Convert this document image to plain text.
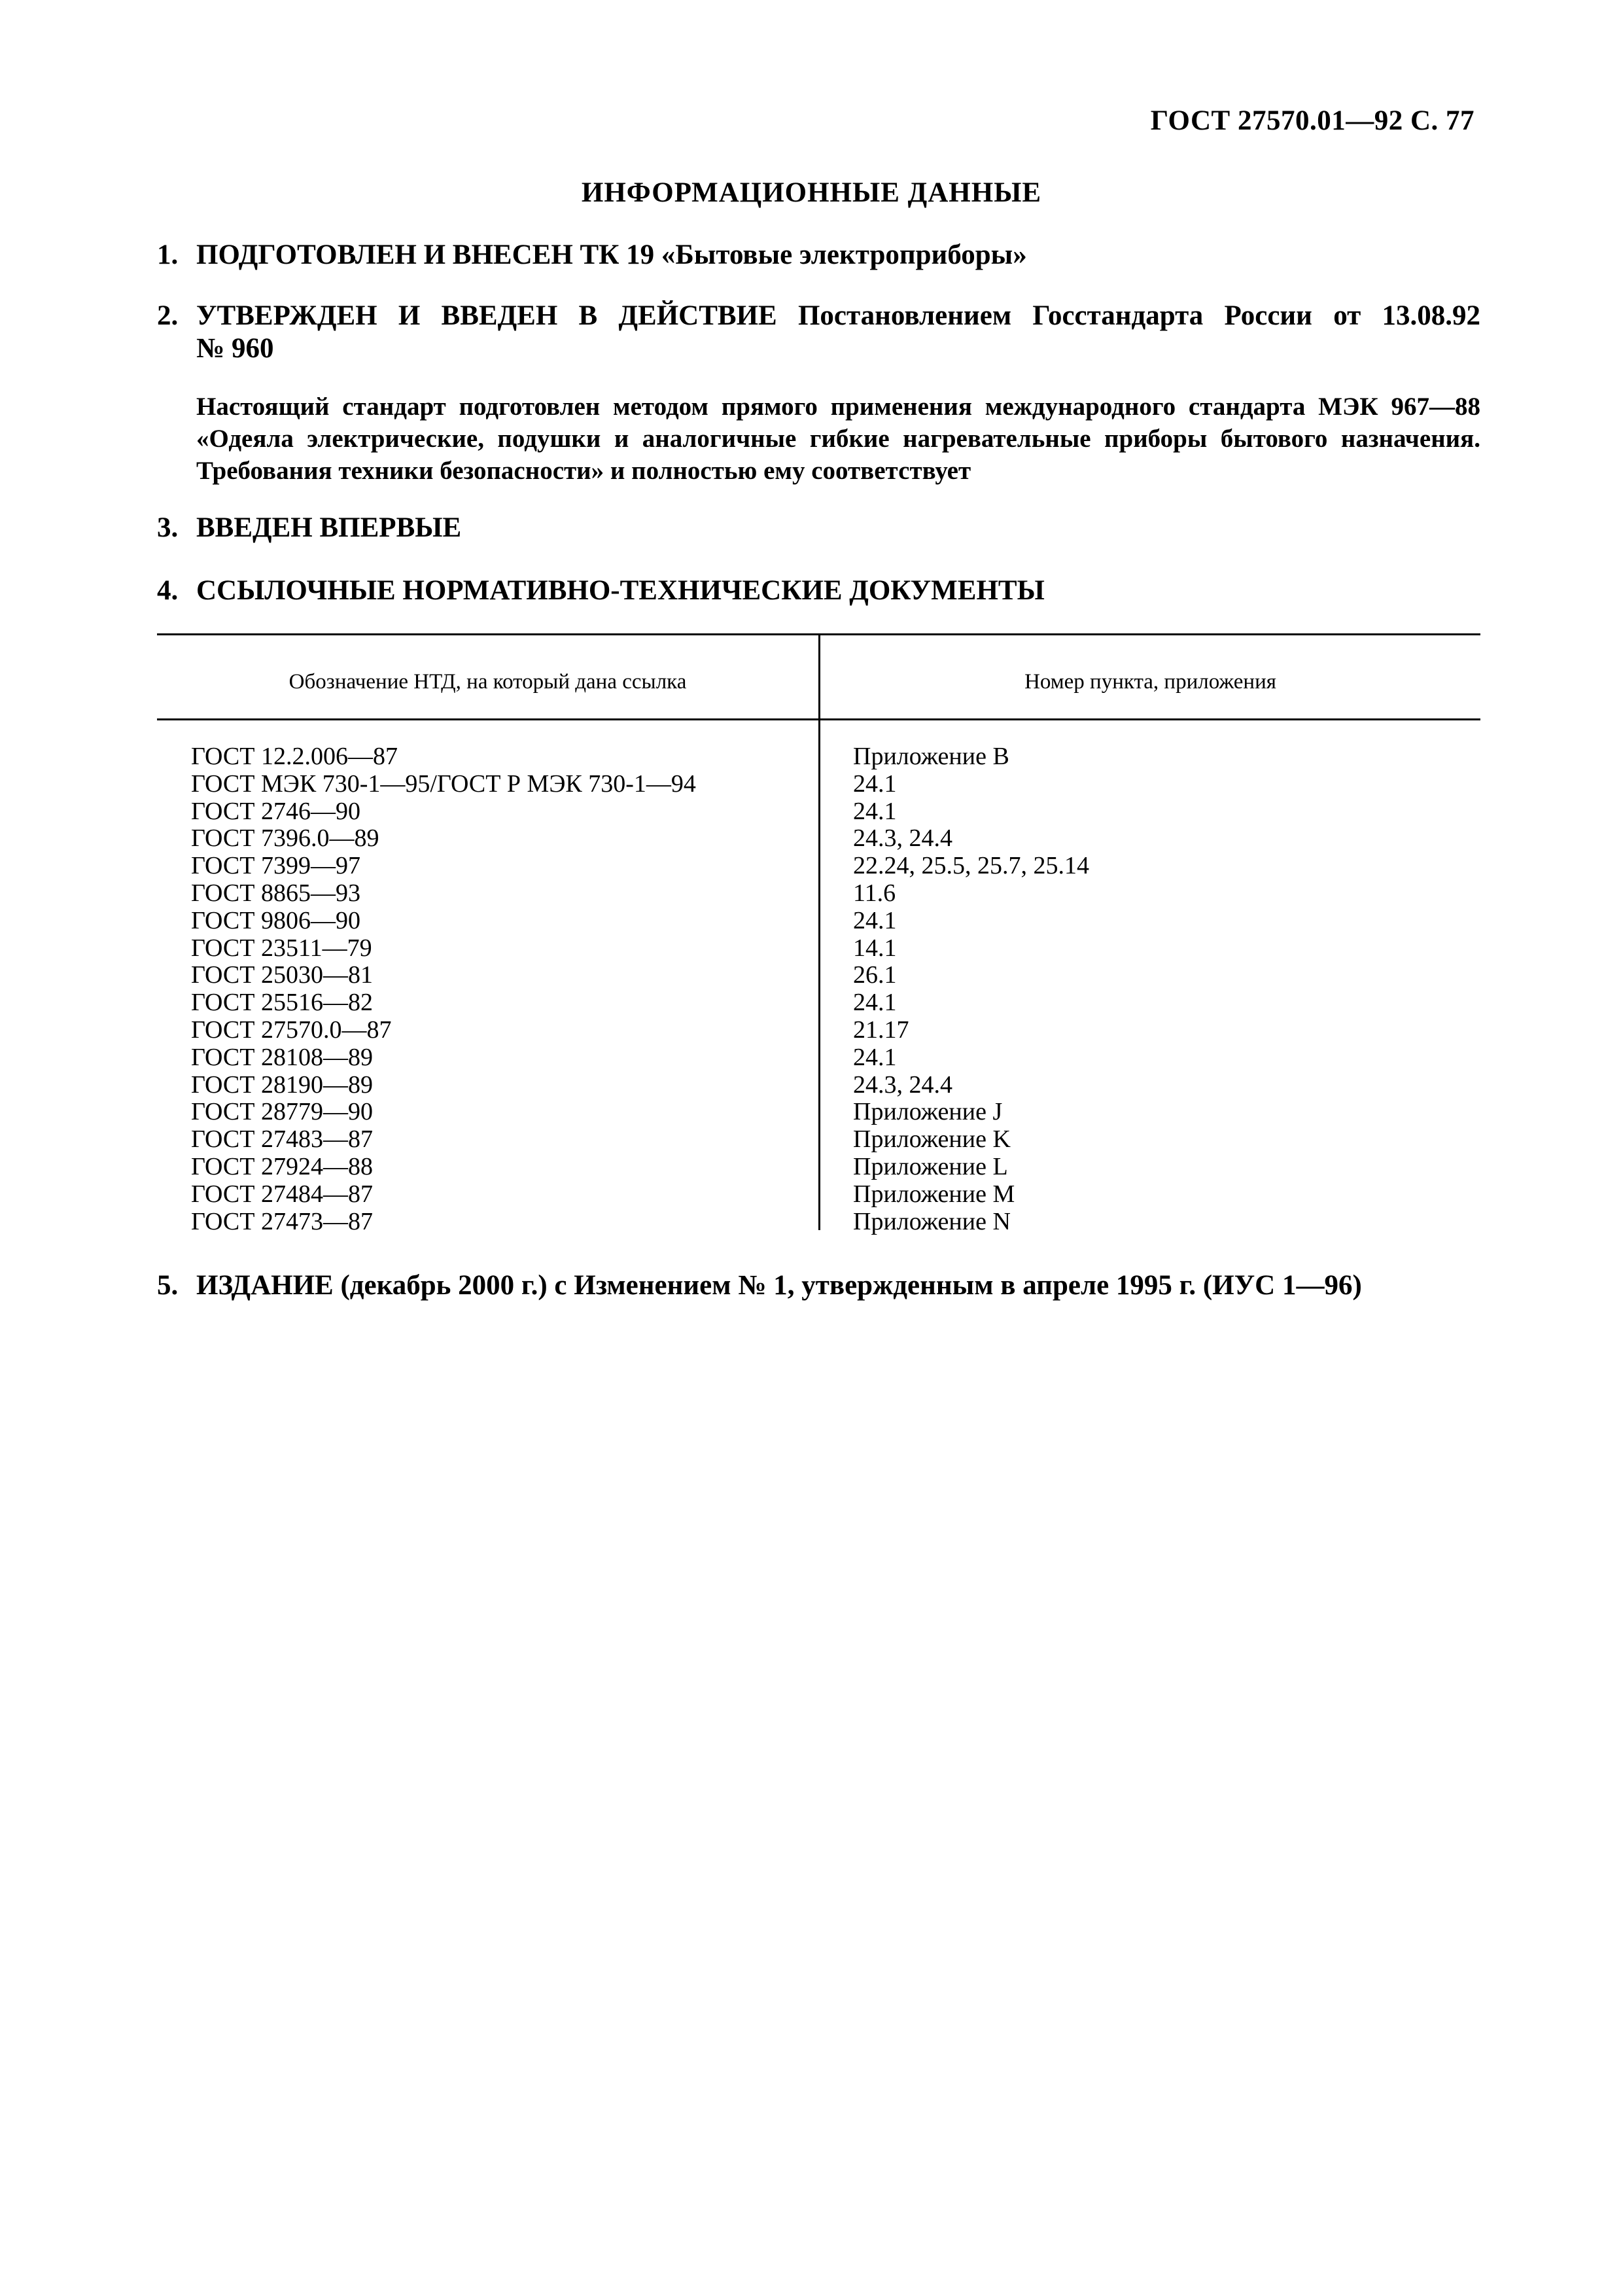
ГОСТ 27570.01—92 С. 77
ИНФОРМАЦИОННЫЕ ДАННЫЕ
1. ПОДГОТОВЛЕН И ВНЕСЕН ТК 19 «Бытовые электроприборы»
2. УТВЕРЖДЕН И ВВЕДЕН В ДЕЙСТВИЕ Постановлением Госстандарта России от 13.08.92
№ 960
Настоящий стандарт подготовлен методом прямого применения международного стандарта МЭК 967—88 «Одеяла электрические, подушки и аналогичные гибкие нагревательные приборы бытового назначения. Требования техники безопасности» и полностью ему соответствует
3. ВВЕДЕН ВПЕРВЫЕ
4. ССЫЛОЧНЫЕ НОРМАТИВНО-ТЕХНИЧЕСКИЕ ДОКУМЕНТЫ
Обозначение НТД, на который дана ссылка	Номер пункта, приложения
ГОСТ 12.2.006—87
ГОСТ МЭК 730-1—95/ГОСТ Р МЭК 730-1—94
ГОСТ 2746—90
ГОСТ 7396.0—89
ГОСТ 7399—97
ГОСТ 8865—93
ГОСТ 9806—90
ГОСТ 23511—79
ГОСТ 25030—81
ГОСТ 25516—82
ГОСТ 27570.0—87
ГОСТ 28108—89
ГОСТ 28190—89
ГОСТ 28779—90
ГОСТ 27483—87
ГОСТ 27924—88
ГОСТ 27484—87
ГОСТ 27473—87
Приложение B
24.1
24.1
24.3, 24.4
22.24, 25.5, 25.7, 25.14
11.6
24.1
14.1
26.1
24.1
21.17
24.1
24.3, 24.4
Приложение J
Приложение K
Приложение L
Приложение M
Приложение N
5. ИЗДАНИЕ (декабрь 2000 г.) с Изменением № 1, утвержденным в апреле 1995 г. (ИУС 1—96)
